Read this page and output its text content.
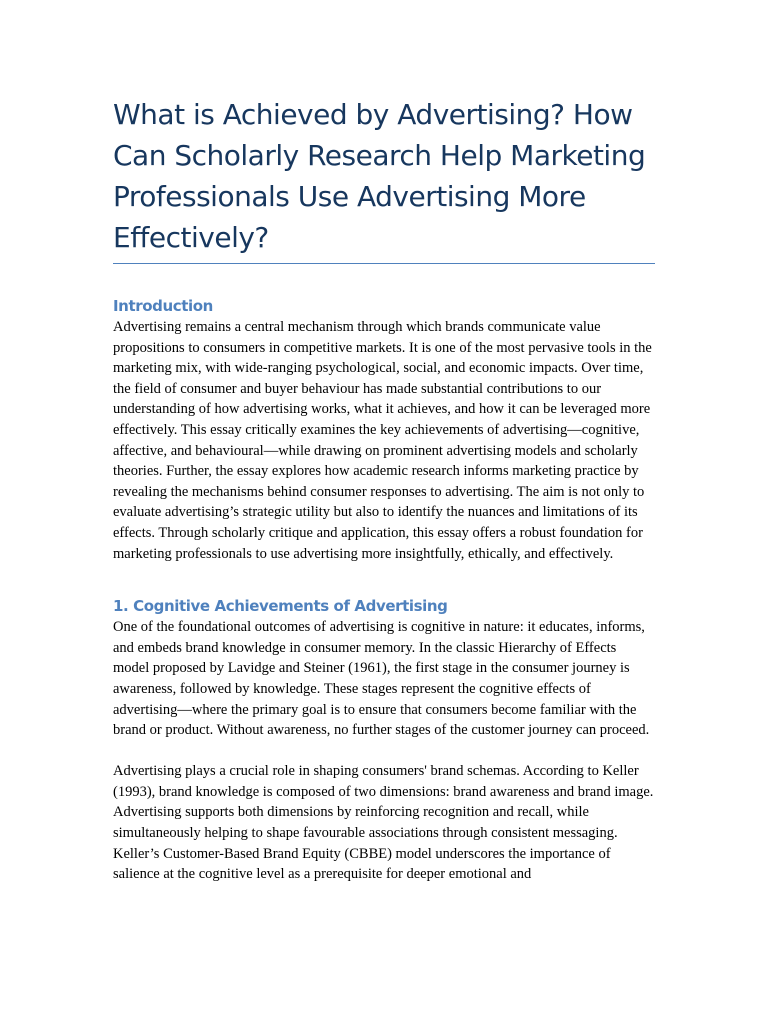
What is Achieved by Advertising? How Can Scholarly Research Help Marketing Professionals Use Advertising More Effectively?
Introduction

Advertising remains a central mechanism through which brands communicate value propositions to consumers in competitive markets. It is one of the most pervasive tools in the marketing mix, with wide-ranging psychological, social, and economic impacts. Over time, the field of consumer and buyer behaviour has made substantial contributions to our understanding of how advertising works, what it achieves, and how it can be leveraged more effectively. This essay critically examines the key achievements of advertising—cognitive, affective, and behavioural—while drawing on prominent advertising models and scholarly theories. Further, the essay explores how academic research informs marketing practice by revealing the mechanisms behind consumer responses to advertising. The aim is not only to evaluate advertising’s strategic utility but also to identify the nuances and limitations of its effects. Through scholarly critique and application, this essay offers a robust foundation for marketing professionals to use advertising more insightfully, ethically, and effectively.

1. Cognitive Achievements of Advertising

One of the foundational outcomes of advertising is cognitive in nature: it educates, informs, and embeds brand knowledge in consumer memory. In the classic Hierarchy of Effects model proposed by Lavidge and Steiner (1961), the first stage in the consumer journey is awareness, followed by knowledge. These stages represent the cognitive effects of advertising—where the primary goal is to ensure that consumers become familiar with the brand or product. Without awareness, no further stages of the customer journey can proceed.

Advertising plays a crucial role in shaping consumers' brand schemas. According to Keller (1993), brand knowledge is composed of two dimensions: brand awareness and brand image. Advertising supports both dimensions by reinforcing recognition and recall, while simultaneously helping to shape favourable associations through consistent messaging. Keller’s Customer-Based Brand Equity (CBBE) model underscores the importance of salience at the cognitive level as a prerequisite for deeper emotional and
